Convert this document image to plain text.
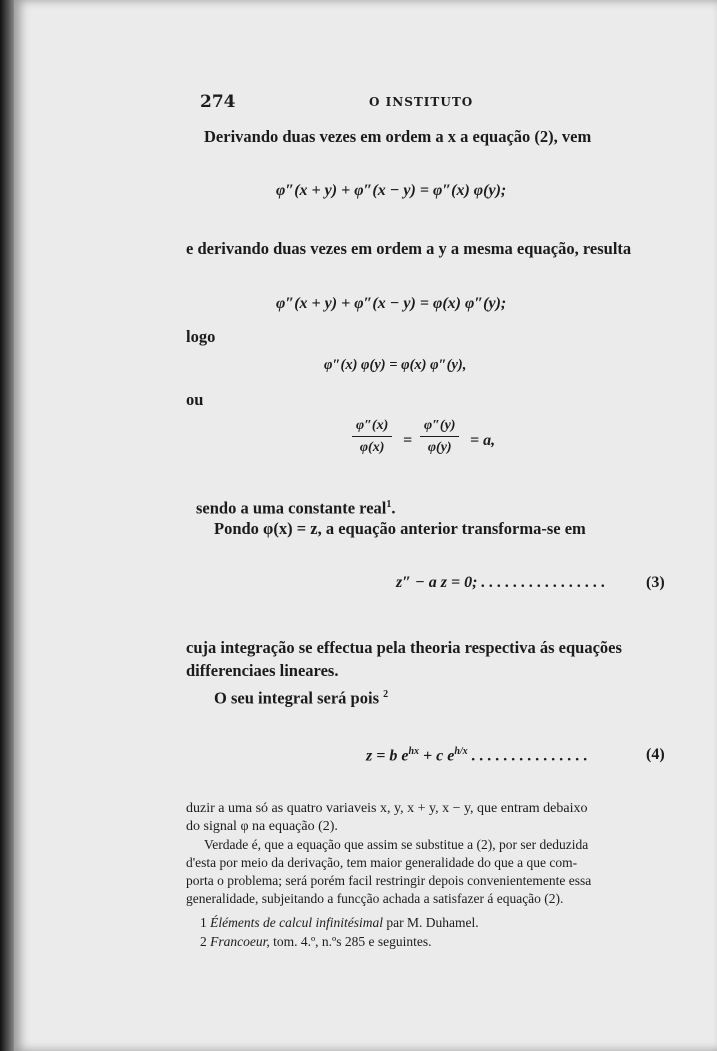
274	O INSTITUTO
Derivando duas vezes em ordem a x a equação (2), vem
φ″(x + y) + φ″(x − y) = φ″(x) φ(y);
e derivando duas vezes em ordem a y a mesma equação, resulta
φ″(x + y) + φ″(x − y) = φ(x) φ″(y);
logo
φ″(x) φ(y) = φ(x) φ″(y),
ou
$\frac{\varphi''(x)}{\varphi(x)} = \frac{\varphi''(y)}{\varphi(y)} = a$,
sendo a uma constante real$^1$.
Pondo φ(x) = z, a equação anterior transforma-se em
z″ − a z = 0; . . . . . . . . . . . . . . . .	(3)
cuja integração se effectua pela theoria respectiva ás equações
differenciaes lineares.
O seu integral será pois $^2$
z = b $e^{hx} + c$ $e^{h/x}$ . . . . . . . . . . . . . . .	(4)
duzir a uma só as quatro variaveis x, y, x + y, x − y, que entram debaixo
do signal φ na equação (2).
Verdade é, que a equação que assim se substitue a (2), por ser deduzida
d'esta por meio da derivação, tem maior generalidade do que a que com-
porta o problema; será porém facil restringir depois convenientemente essa
generalidade, subjeitando a funcção achada a satisfazer á equação (2).
1 Éléments de calcul infinitésimal par M. Duhamel.
2 Francoeur, tom. 4.º, n.ºs 285 e seguintes.
